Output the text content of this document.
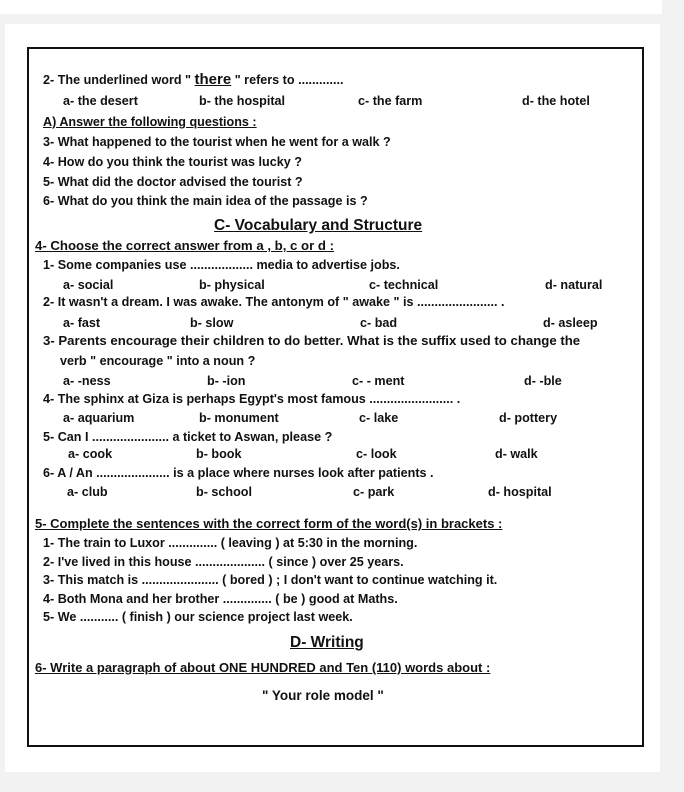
2- The underlined word " there " refers to .............
a- the desert	b- the hospital	c- the farm	d- the hotel
A) Answer the following questions :
3- What happened to the tourist when he went for a walk ?
4- How do you think the tourist was lucky ?
5- What did the doctor advised the tourist ?
6- What do you think the main idea of the passage is ?
C- Vocabulary and Structure
4- Choose the correct answer from a , b, c or d :
1- Some companies use .................. media to advertise jobs.
a- social	b- physical	c- technical	d- natural
2- It wasn't a dream. I was awake. The antonym of " awake " is ....................... .
a- fast	b- slow	c- bad	d- asleep
3- Parents encourage their children to do better. What is the suffix used to change the
verb " encourage " into a noun ?
a- -ness	b- -ion	c- - ment	d- -ble
4- The sphinx at Giza is perhaps Egypt's most famous ........................ .
a- aquarium	b- monument	c- lake	d- pottery
5- Can I ...................... a ticket to Aswan, please ?
a- cook	b- book	c- look	d- walk
6- A / An ..................... is a place where nurses look after patients .
a- club	b- school	c- park	d- hospital
5- Complete the sentences with the correct form of the word(s) in brackets :
1- The train to Luxor .............. ( leaving ) at 5:30 in the morning.
2- I've lived in this house .................... ( since ) over 25 years.
3- This match is ...................... ( bored ) ; I don't want to continue watching it.
4- Both Mona and her brother .............. ( be ) good at Maths.
5- We ........... ( finish ) our science project last week.
D- Writing
6- Write a paragraph of about ONE HUNDRED and Ten (110) words about :
" Your role model "
